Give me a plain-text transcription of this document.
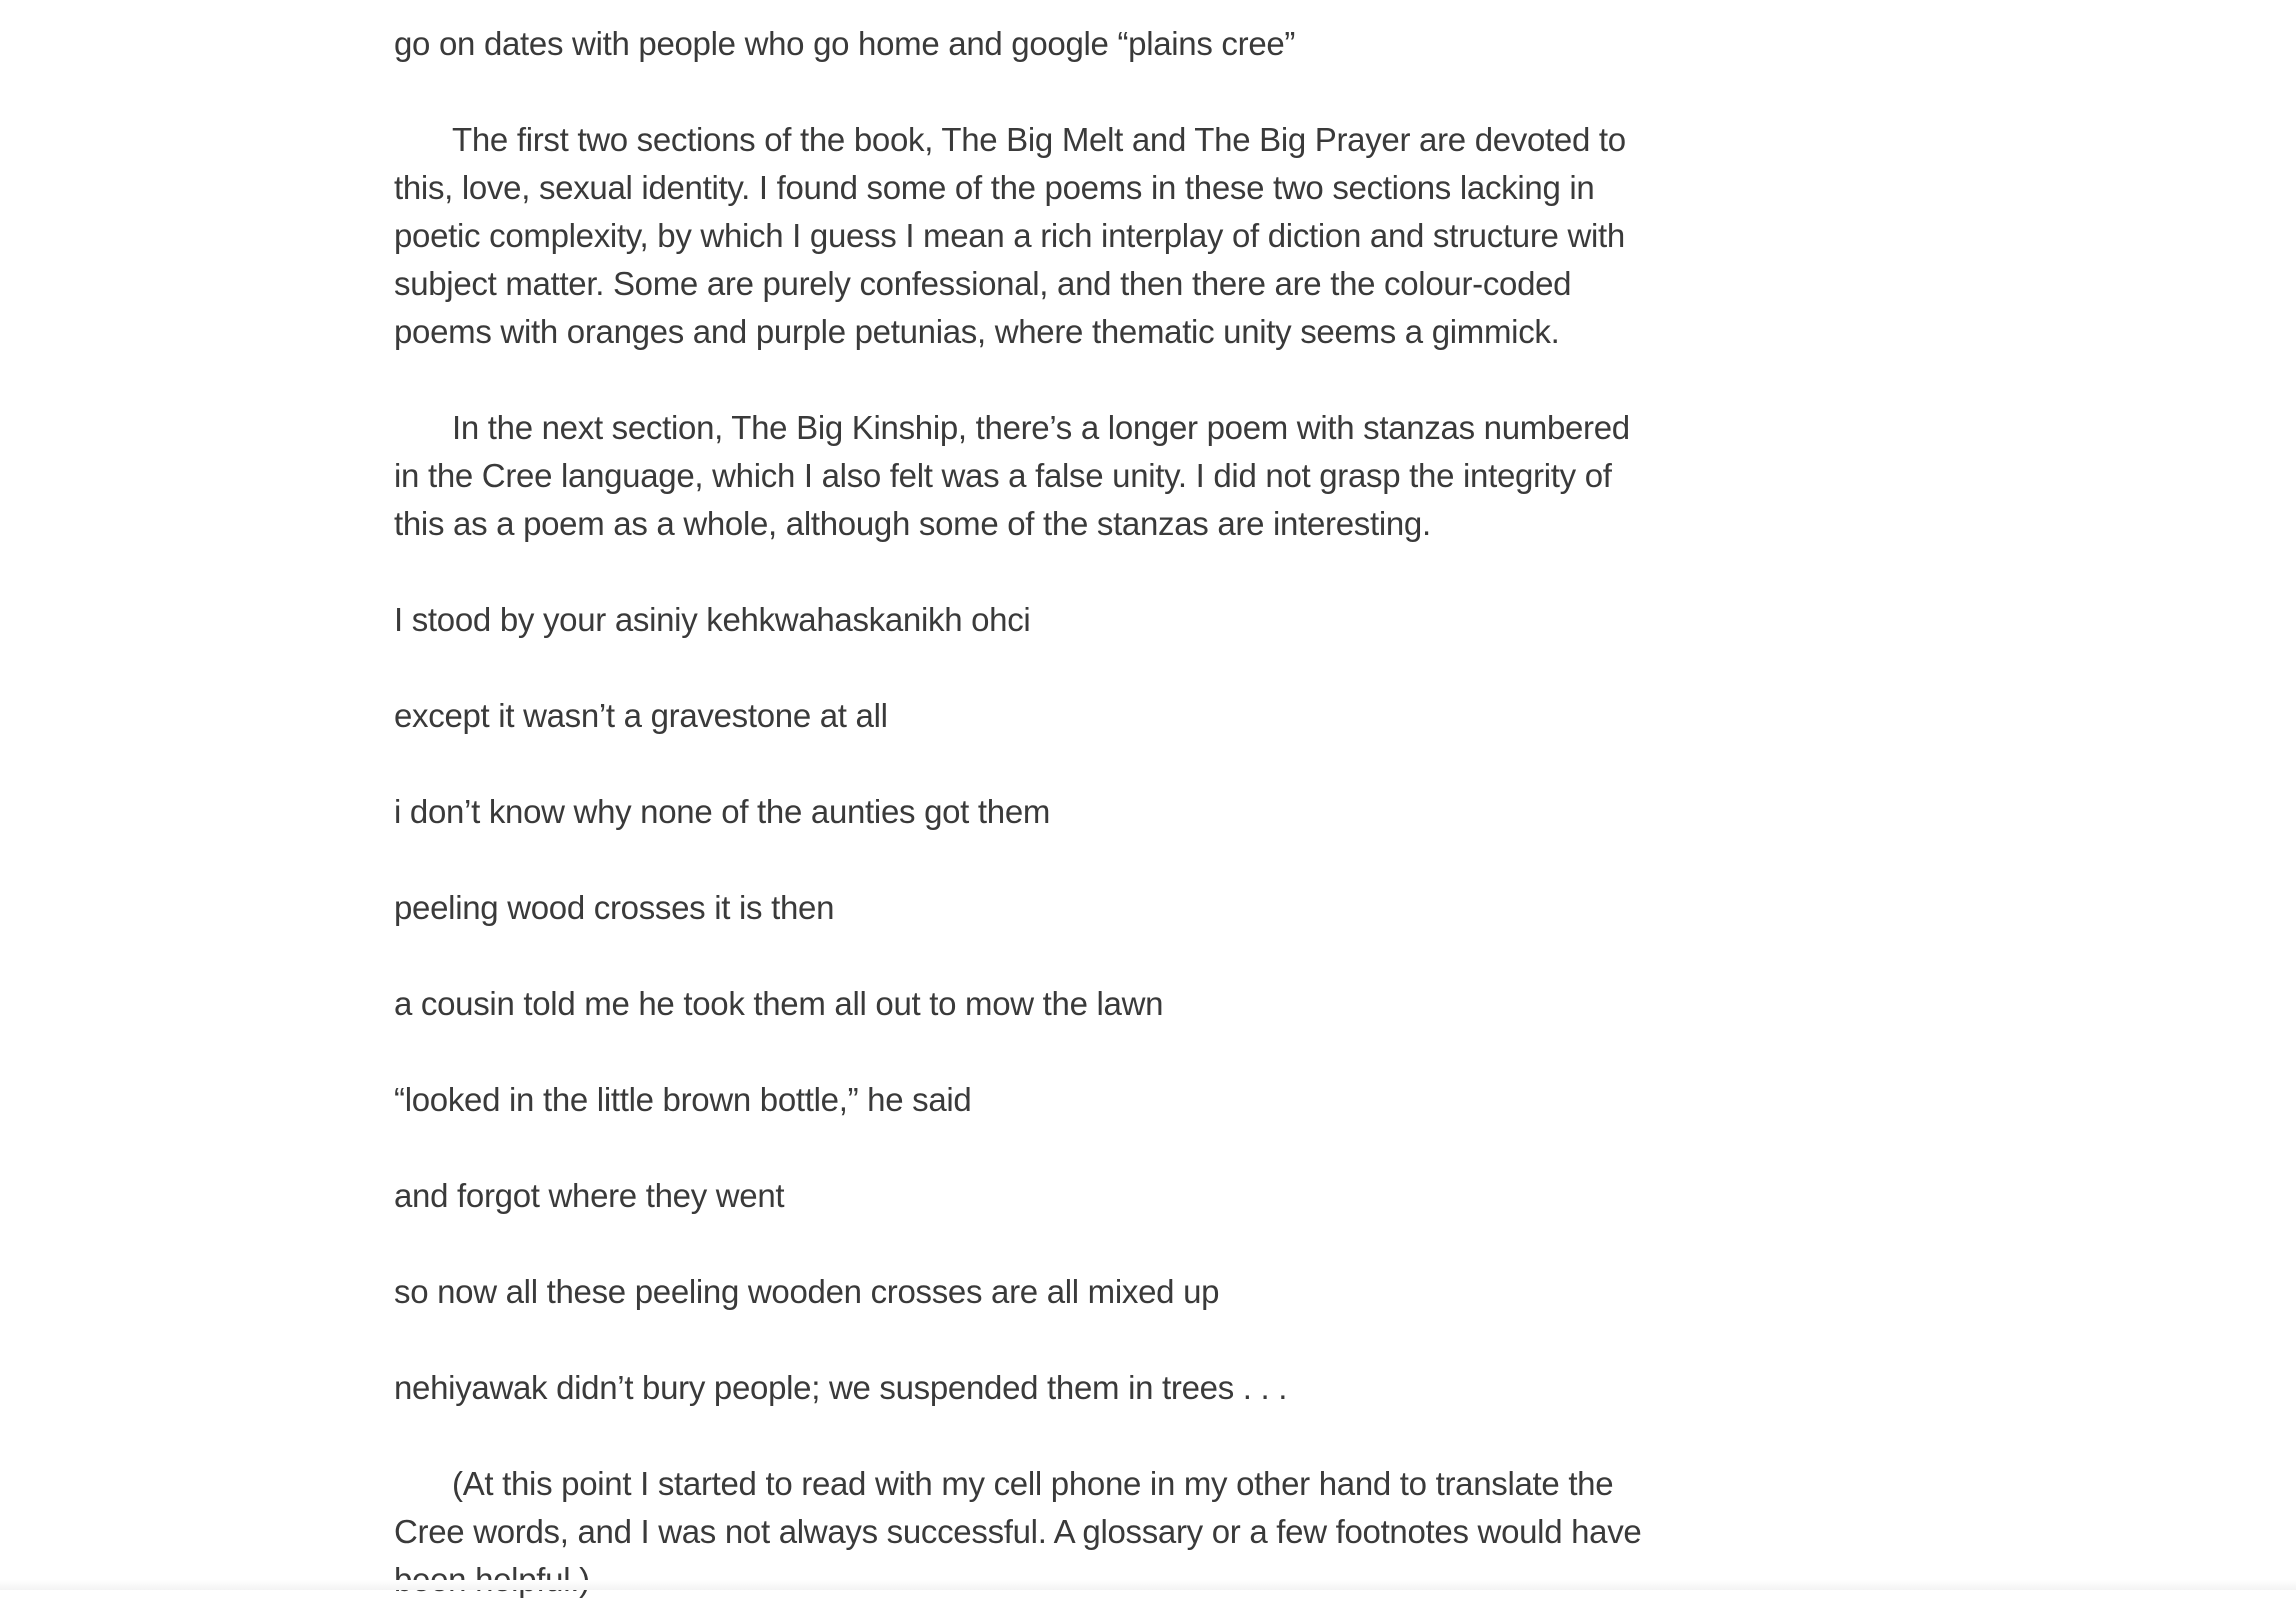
go on dates with people who go home and google “plains cree”
The first two sections of the book, The Big Melt and The Big Prayer are devoted to this, love, sexual identity. I found some of the poems in these two sections lacking in poetic complexity, by which I guess I mean a rich interplay of diction and structure with subject matter. Some are purely confessional, and then there are the colour-coded poems with oranges and purple petunias, where thematic unity seems a gimmick.
In the next section, The Big Kinship, there’s a longer poem with stanzas numbered in the Cree language, which I also felt was a false unity. I did not grasp the integrity of this as a poem as a whole, although some of the stanzas are interesting.
I stood by your asiniy kehkwahaskanikh ohci
except it wasn’t a gravestone at all
i don’t know why none of the aunties got them
peeling wood crosses it is then
a cousin told me he took them all out to mow the lawn
“looked in the little brown bottle,” he said
and forgot where they went
so now all these peeling wooden crosses are all mixed up
nehiyawak didn’t bury people; we suspended them in trees . . .
(At this point I started to read with my cell phone in my other hand to translate the Cree words, and I was not always successful. A glossary or a few footnotes would have
